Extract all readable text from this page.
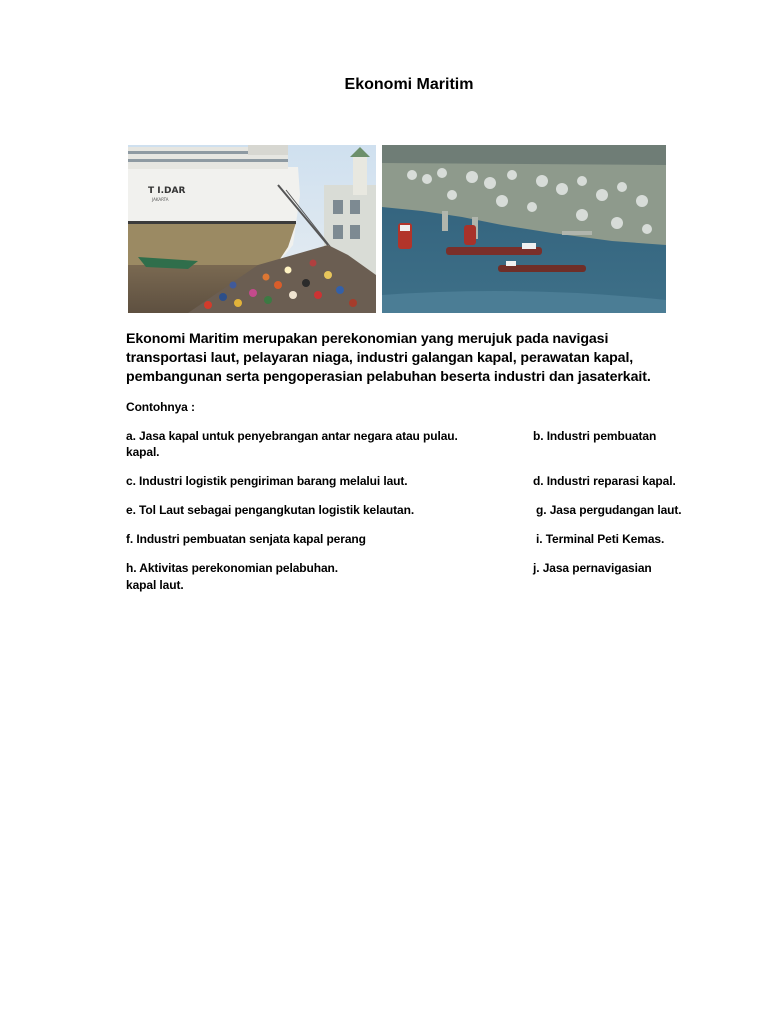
Ekonomi Maritim
T I.DAR
JAKARTA
Ekonomi Maritim merupakan perekonomian yang merujuk pada navigasi
transportasi laut, pelayaran niaga, industri galangan kapal, perawatan kapal,
pembangunan serta pengoperasian pelabuhan beserta industri dan jasaterkait.
Contohnya :
a. Jasa kapal untuk penyebrangan antar negara atau pulau.	b. Industri pembuatan
kapal.
c. Industri logistik pengiriman barang melalui laut.	d. Industri reparasi kapal.
e. Tol Laut sebagai pengangkutan logistik kelautan.	g. Jasa pergudangan laut.
f. Industri pembuatan senjata kapal perang	i. Terminal Peti Kemas.
h. Aktivitas perekonomian pelabuhan.	j. Jasa pernavigasian
kapal laut.
